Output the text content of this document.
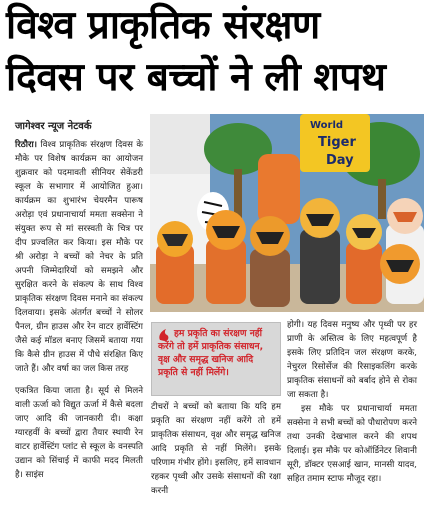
विश्व प्राकृतिक संरक्षण
दिवस पर बच्चों ने ली शपथ
जागेश्वर न्यूज नेटवर्क
रिठौरा। विश्व प्राकृतिक संरक्षण दिवस के मौके पर विशेष कार्यक्रम का आयोजन शुक्रवार को पदमावती सीनियर सेकेंडरी स्कूल के सभागार में आयोजित हुआ। कार्यक्रम का शुभारंभ चेयरमैन पारूष अरोड़ा एवं प्रधानाचार्या ममता सक्सेना ने संयुक्त रूप से मां सरस्वती के चित्र पर दीप प्रज्वलित कर किया। इस मौके पर श्री अरोड़ा ने बच्चों को नेचर के प्रति अपनी जिम्मेदारियों को समझने और सुरक्षित करने के संकल्प के साथ विश्व प्राकृतिक संरक्षण दिवस मनाने का संकल्प दिलवाया। इसके अंतर्गत बच्चों ने सोलर पैनल, ग्रीन हाउस और रेन वाटर हार्वेस्टिंग जैसे कई मॉडल बनाए जिसमें बताया गया कि कैसे ग्रीन हाउस में पौधे संरक्षित किए जाते हैं। और वर्षा का जल किस तरह
World
Tiger
Day
हम प्रकृति का संरक्षण नहीं करेंगे तो हमें प्राकृतिक संसाधन, वृक्ष और समृद्ध खनिज आदि प्रकृति से नहीं मिलेंगे।
एकत्रित किया जाता है। सूर्य से मिलने वाली ऊर्जा को विद्युत ऊर्जा में कैसे बदला जाए आदि की जानकारी दी। कक्षा ग्यारहवीं के बच्चों द्वारा तैयार स्थायी रेन वाटर हार्वेस्टिंग प्लांट से स्कूल के वनस्पति उद्यान को सिंचाई में काफी मदद मिलती है। साइंस
टीचरों ने बच्चों को बताया कि यदि हम प्रकृति का संरक्षण नहीं करेंगे तो हमें प्राकृतिक संसाधन, वृक्ष और समृद्ध खनिज आदि प्रकृति से नहीं मिलेंगे। इसके परिणाम गंभीर होंगे। इसलिए, हमें सावधान रहकर पृथ्वी और उसके संसाधनों की रक्षा करनी
होगी। यह दिवस मनुष्य और पृथ्वी पर हर प्राणी के अस्तित्व के लिए महत्वपूर्ण है इसके लिए प्रतिदिन जल संरक्षण करके, नेचुरल रिसोर्सेज की रिसाइकलिंग करके प्राकृतिक संसाधनों को बर्बाद होने से रोका जा सकता है।
इस मौके पर प्रधानाचार्या ममता सक्सेना ने सभी बच्चों को पौधारोपण करने तथा उनकी देखभाल करने की शपथ दिलाई। इस मौके पर कोऑर्डिनेटर शिवानी सूरी, डॉक्टर एसआई खान, मानसी यादव, सहित तमाम स्टाफ मौजूद रहा।
